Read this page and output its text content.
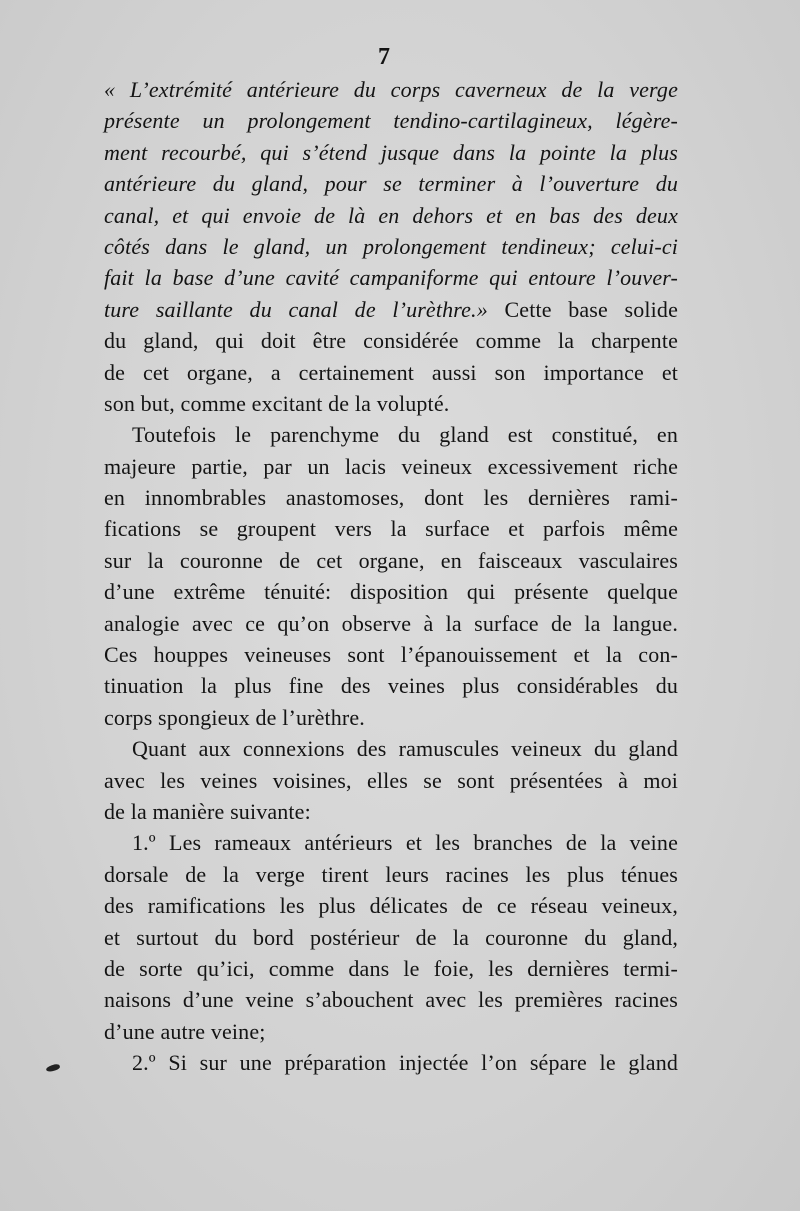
7
« L’extrémité antérieure du corps caverneux de la verge
présente un prolongement tendino-cartilagineux, légère-
ment recourbé, qui s’étend jusque dans la pointe la plus
antérieure du gland, pour se terminer à l’ouverture du
canal, et qui envoie de là en dehors et en bas des deux
côtés dans le gland, un prolongement tendineux; celui-ci
fait la base d’une cavité campaniforme qui entoure l’ouver-
ture saillante du canal de l’urèthre.» Cette base solide
du gland, qui doit être considérée comme la charpente
de cet organe, a certainement aussi son importance et
son but, comme excitant de la volupté.
Toutefois le parenchyme du gland est constitué, en
majeure partie, par un lacis veineux excessivement riche
en innombrables anastomoses, dont les dernières rami-
fications se groupent vers la surface et parfois même
sur la couronne de cet organe, en faisceaux vasculaires
d’une extrême ténuité: disposition qui présente quelque
analogie avec ce qu’on observe à la surface de la langue.
Ces houppes veineuses sont l’épanouissement et la con-
tinuation la plus fine des veines plus considérables du
corps spongieux de l’urèthre.
Quant aux connexions des ramuscules veineux du gland
avec les veines voisines, elles se sont présentées à moi
de la manière suivante:
1.º Les rameaux antérieurs et les branches de la veine
dorsale de la verge tirent leurs racines les plus ténues
des ramifications les plus délicates de ce réseau veineux,
et surtout du bord postérieur de la couronne du gland,
de sorte qu’ici, comme dans le foie, les dernières termi-
naisons d’une veine s’abouchent avec les premières racines
d’une autre veine;
2.º Si sur une préparation injectée l’on sépare le gland
